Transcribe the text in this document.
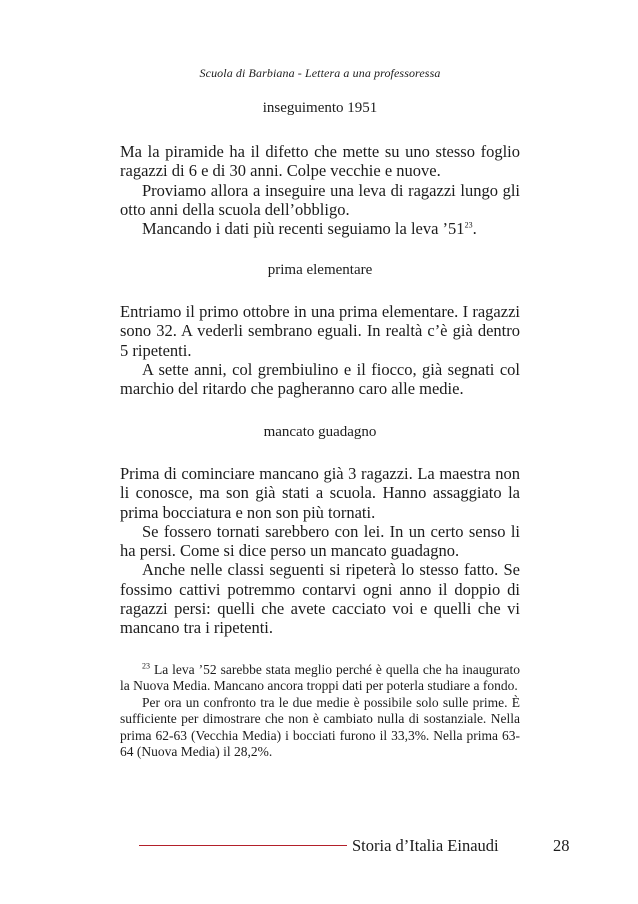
Scuola di Barbiana - Lettera a una professoressa
inseguimento 1951

Ma la piramide ha il difetto che mette su uno stesso foglio ragazzi di 6 e di 30 anni. Colpe vecchie e nuove.

Proviamo allora a inseguire una leva di ragazzi lungo gli otto anni della scuola dell’obbligo.

Mancando i dati più recenti seguiamo la leva $’51^{23}$.

prima elementare

Entriamo il primo ottobre in una prima elementare. I ragazzi sono 32. A vederli sembrano eguali. In realtà c’è già dentro 5 ripetenti.

A sette anni, col grembiulino e il fiocco, già segnati col marchio del ritardo che pagheranno caro alle medie.

mancato guadagno

Prima di cominciare mancano già 3 ragazzi. La maestra non li conosce, ma son già stati a scuola. Hanno assaggiato la prima bocciatura e non son più tornati.

Se fossero tornati sarebbero con lei. In un certo senso li ha persi. Come si dice perso un mancato guadagno.

Anche nelle classi seguenti si ripeterà lo stesso fatto. Se fossimo cattivi potremmo contarvi ogni anno il doppio di ragazzi persi: quelli che avete cacciato voi e quelli che vi mancano tra i ripetenti.

$^{23}$ La leva ’52 sarebbe stata meglio perché è quella che ha inaugurato la Nuova Media. Mancano ancora troppi dati per poterla studiare a fondo.

Per ora un confronto tra le due medie è possibile solo sulle prime. È sufficiente per dimostrare che non è cambiato nulla di sostanziale. Nella prima 62-63 (Vecchia Media) i bocciati furono il 33,3%. Nella prima 63-64 (Nuova Media) il 28,2%.

Storia d’Italia Einaudi	28
